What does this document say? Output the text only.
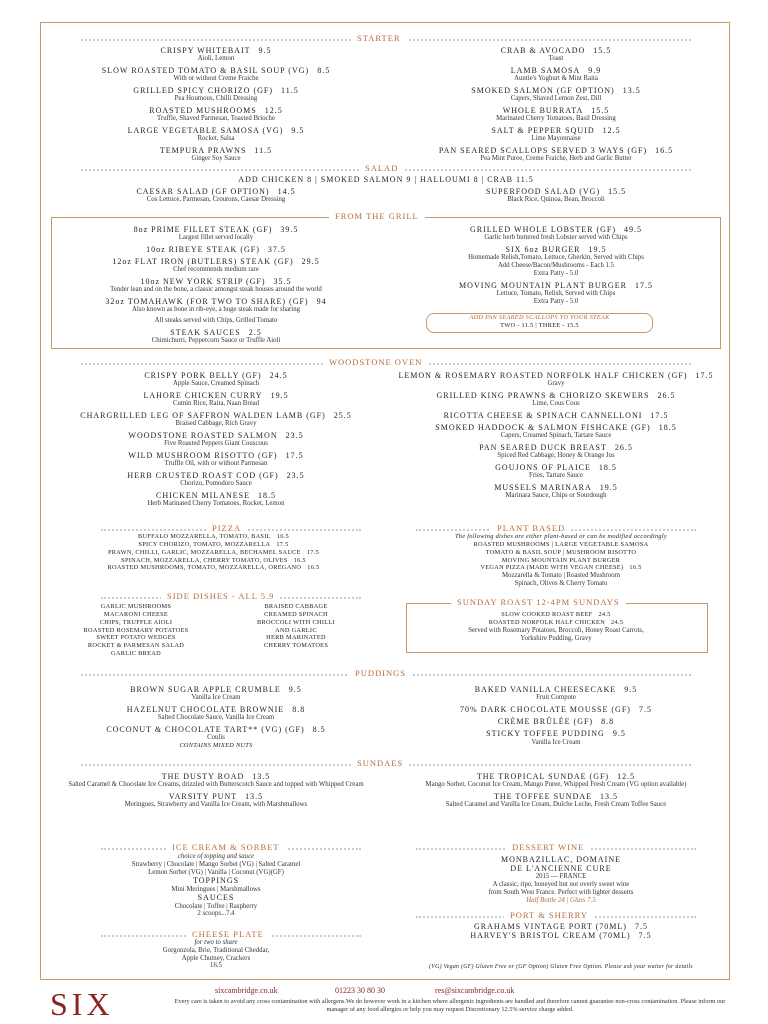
STARTER
CRISPY WHITEBAIT 9.5
Aioli, Lemon
SLOW ROASTED TOMATO & BASIL SOUP (VG) 8.5
With or without Creme Fraiche
GRILLED SPICY CHORIZO (GF) 11.5
Pea Houmous, Chilli Dressing
ROASTED MUSHROOMS 12.5
Truffle, Shaved Parmesan, Toasted Brioche
LARGE VEGETABLE SAMOSA (VG) 9.5
Rocket, Salsa
TEMPURA PRAWNS 11.5
Ginger Soy Sauce
CRAB & AVOCADO 15.5
Toast
LAMB SAMOSA 9.9
Auntie's Yoghurt & Mint Raita
SMOKED SALMON (GF OPTION) 13.5
Capers, Shaved Lemon Zest, Dill
WHOLE BURRATA 15.5
Marinated Cherry Tomatoes, Basil Dressing
SALT & PEPPER SQUID 12.5
Lime Mayonnaise
PAN SEARED SCALLOPS SERVED 3 WAYS (GF) 16.5
Pea Mint Puree, Creme Fraiche, Herb and Garlic Butter
SALAD
ADD CHICKEN 8 | SMOKED SALMON 9 | HALLOUMI 8 | CRAB 11.5
CAESAR SALAD (GF OPTION) 14.5
Cos Lettuce, Parmesan, Croutons, Caesar Dressing
SUPERFOOD SALAD (VG) 15.5
Black Rice, Quinoa, Bean, Broccoli
FROM THE GRILL
8oz PRIME FILLET STEAK (GF) 39.5
Largest fillet served locally
10oz RIBEYE STEAK (GF) 37.5
12oz FLAT IRON (BUTLERS) STEAK (GF) 29.5
Chef recommends medium rare
10oz NEW YORK STRIP (GF) 35.5
Tender lean and on the bone, a classic amongst steak houses around the world
32oz TOMAHAWK (FOR TWO TO SHARE) (GF) 94
Also known as bone in rib-eye, a huge steak made for sharing
All steaks served with Chips, Grilled Tomato
STEAK SAUCES 2.5
Chimichurri, Peppercorn Sauce or Truffle Aioli
GRILLED WHOLE LOBSTER (GF) 49.5
Garlic herb buttered fresh Lobster served with Chips
SIX 6oz BURGER 19.5
Homemade Relish,Tomato, Lettuce, Gherkin, Served with Chips
Add Cheese/Bacon/Mushrooms - Each 1.5
Extra Patty - 5.0
MOVING MOUNTAIN PLANT BURGER 17.5
Lettuce, Tomato, Relish, Served with Chips
Extra Patty - 5.0
ADD PAN SEARED SCALLOPS TO YOUR STEAK
TWO - 11.5 | THREE - 15.5
WOODSTONE OVEN
CRISPY PORK BELLY (GF) 24.5
Apple Sauce, Creamed Spinach
LAHORE CHICKEN CURRY 19.5
Cumin Rice, Raita, Naan Bread
CHARGRILLED LEG OF SAFFRON WALDEN LAMB (GF) 25.5
Braised Cabbage, Rich Gravy
WOODSTONE ROASTED SALMON 23.5
Five Roasted Peppers Giant Couscous
WILD MUSHROOM RISOTTO (GF) 17.5
Truffle Oil, with or without Parmesan
HERB CRUSTED ROAST COD (GF) 23.5
Chorizo, Pomodoro Sauce
CHICKEN MILANESE 18.5
Herb Marinated Cherry Tomatoes, Rocket, Lemon
LEMON & ROSEMARY ROASTED NORFOLK HALF CHICKEN (GF) 17.5
Gravy
GRILLED KING PRAWNS & CHORIZO SKEWERS 26.5
Lime, Cous Cous
RICOTTA CHEESE & SPINACH CANNELLONI 17.5
SMOKED HADDOCK & SALMON FISHCAKE (GF) 18.5
Capers, Creamed Spinach, Tartare Sauce
PAN SEARED DUCK BREAST 26.5
Spiced Red Cabbage, Honey & Orange Jus
GOUJONS OF PLAICE 18.5
Fries, Tartare Sauce
MUSSELS MARINARA 19.5
Marinara Sauce, Chips or Sourdough
PIZZA
BUFFALO MOZZARELLA, TOMATO, BASIL 16.5
SPICY CHORIZO, TOMATO, MOZZARELLA 17.5
PRAWN, CHILLI, GARLIC, MOZZARELLA, BECHAMEL SAUCE 17.5
SPINACH, MOZZARELLA, CHERRY TOMATO, OLIVES 16.5
ROASTED MUSHROOMS, TOMATO, MOZZARELLA, OREGANO 16.5
PLANT BASED
The following dishes are either plant-based or can be modified accordingly
ROASTED MUSHROOMS | LARGE VEGETABLE SAMOSA
TOMATO & BASIL SOUP | MUSHROOM RISOTTO
MOVING MOUNTAIN PLANT BURGER
VEGAN PIZZA (MADE WITH VEGAN CHEESE) 16.5
Mozzarella & Tomato | Roasted Mushroom
Spinach, Olives & Cherry Tomato
SIDE DISHES - ALL 5.9
GARLIC MUSHROOMS
MACARONI CHEESE
CHIPS, TRUFFLE AIOLI
ROASTED ROSEMARY POTATOES
SWEET POTATO WEDGES
ROCKET & PARMESAN SALAD
GARLIC BREAD
BRAISED CABBAGE
CREAMED SPINACH
BROCCOLI WITH CHILLI
AND GARLIC
HERB MARINATED
CHERRY TOMATOES
SUNDAY ROAST 12-4PM SUNDAYS
SLOW COOKED ROAST BEEF 24.5
ROASTED NORFOLK HALF CHICKEN 24.5
Served with Rosemary Potatoes, Broccoli, Honey Roast Carrots,
Yorkshire Pudding, Gravy
PUDDINGS
BROWN SUGAR APPLE CRUMBLE 9.5
Vanilla Ice Cream
HAZELNUT CHOCOLATE BROWNIE 8.8
Salted Chocolate Sauce, Vanilla Ice Cream
COCONUT & CHOCOLATE TART** (VG) (GF) 8.5
Coulis
CONTAINS MIXED NUTS
BAKED VANILLA CHEESECAKE 9.5
Fruit Compote
70% DARK CHOCOLATE MOUSSE (GF) 7.5
CRÈME BRÛLÉE (GF) 8.8
STICKY TOFFEE PUDDING 9.5
Vanilla Ice Cream
SUNDAES
THE DUSTY ROAD 13.5
Salted Caramel & Chocolate Ice Creams, drizzled with Butterscotch Sauce and topped with Whipped Cream
VARSITY PUNT 13.5
Meringues, Strawberry and Vanilla Ice Cream, with Marshmallows
THE TROPICAL SUNDAE (GF) 12.5
Mango Sorbet, Coconut Ice Cream, Mango Puree, Whipped Fresh Cream (VG option available)
THE TOFFEE SUNDAE 13.5
Salted Caramel and Vanilla Ice Cream, Dulche Leche, Fresh Cream Toffee Sauce
ICE CREAM & SORBET
choice of topping and sauce
Strawberry | Chocolate | Mango Sorbet (VG) | Salted Caramel
Lemon Sorbet (VG) | Vanilla | Coconut (VG)(GF)
TOPPINGS
Mini Meringues | Marshmallows
SAUCES
Chocolate | Toffee | Raspberry
2 scoops...7.4
CHEESE PLATE
for two to share
Gorgonzola, Brie, Traditional Cheddar,
Apple Chutney, Crackers
16.5
DESSERT WINE
MONBAZILLAC, DOMAINE
DE L'ANCIENNE CURE
2015 — FRANCE
A classic, ripe, honeyed but not overly sweet wine
from South West France. Perfect with lighter desserts
Half Bottle 24 | Glass 7.5
PORT & SHERRY
GRAHAMS VINTAGE PORT (70ML) 7.5
HARVEY'S BRISTOL CREAM (70ML) 7.5
(VG) Vegan (GF) Gluten Free or (GF Option) Gluten Free Option. Please ask your waiter for details
SIX	sixcambridge.co.uk	01223 30 80 30	res@sixcambridge.co.uk
Every care is taken to avoid any cross contamination with allergens.We do however work in a kitchen where allergenic ingredients are handled and therefore cannot guarantee non-cross contamination. Please inform our manager of any food allergies or help you may request Discretionary 12.5% service charge added.
